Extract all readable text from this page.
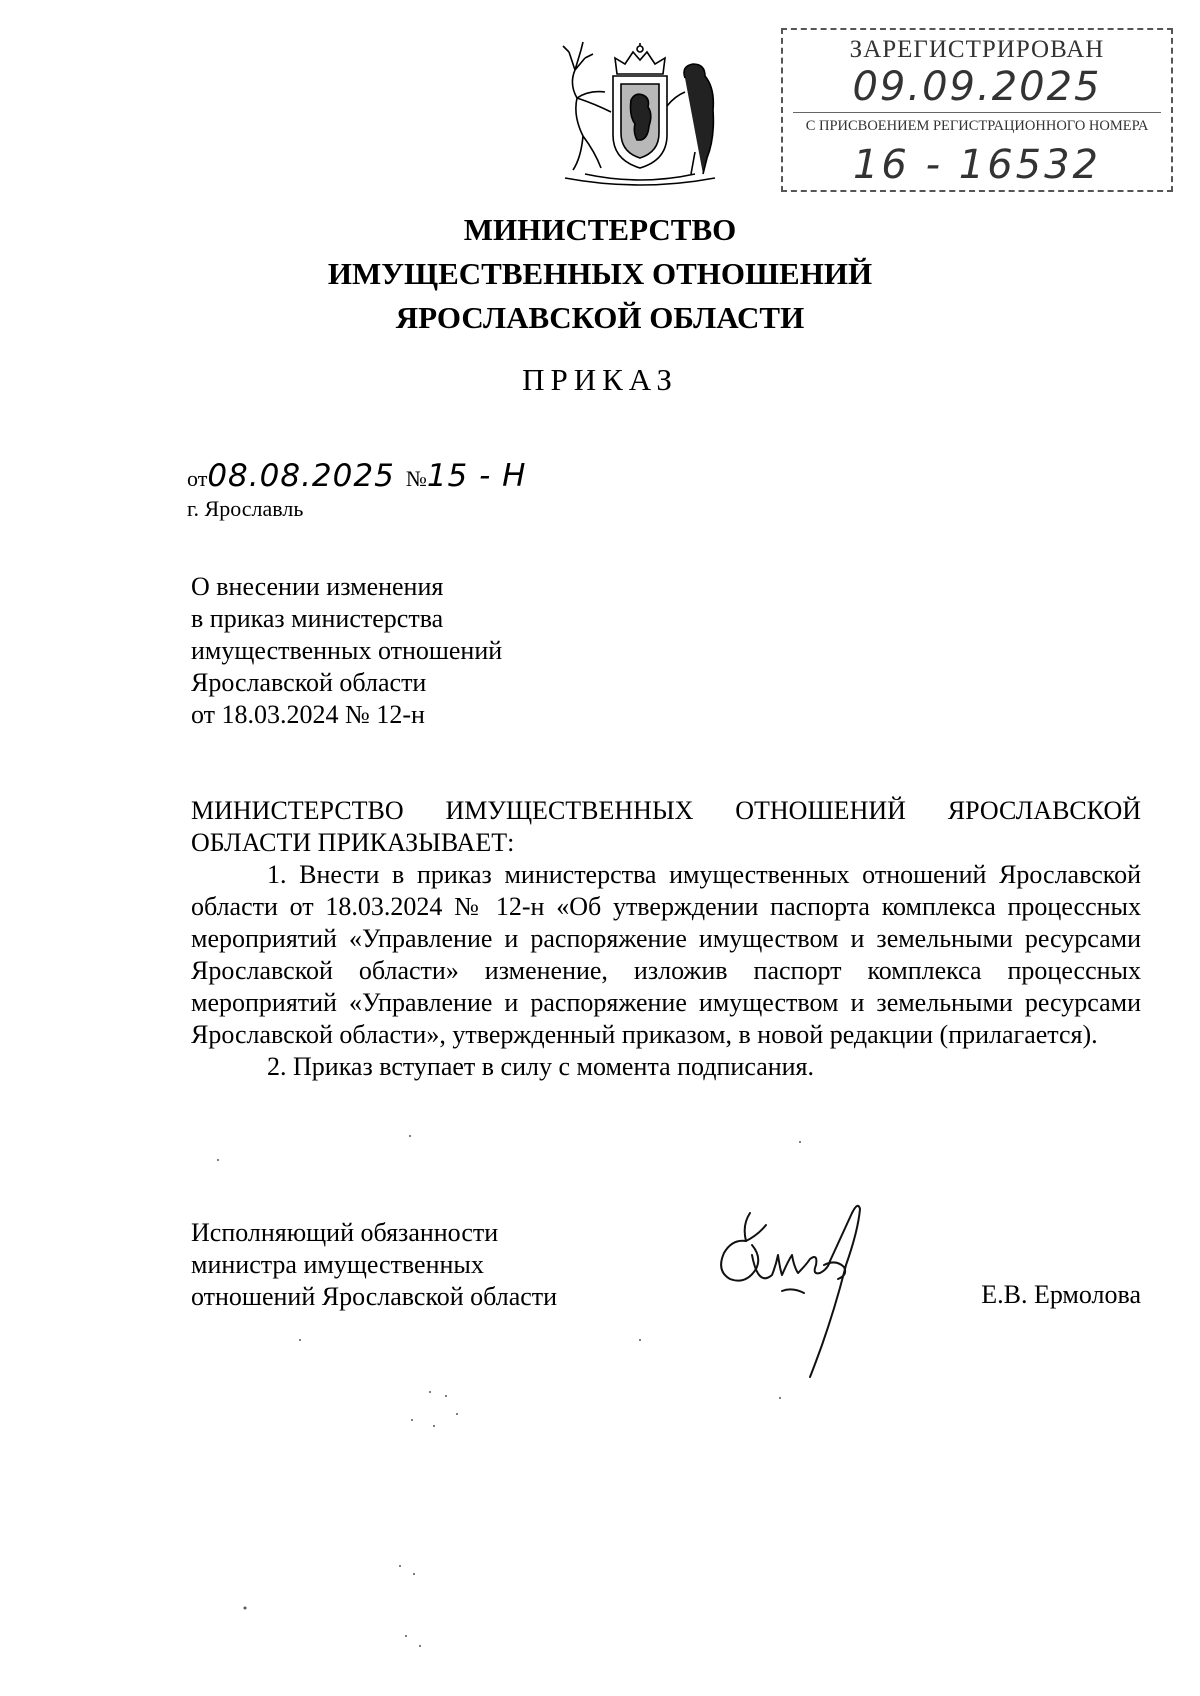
ЗАРЕГИСТРИРОВАН
09.09.2025
С ПРИСВОЕНИЕМ РЕГИСТРАЦИОННОГО НОМЕРА
16 - 16532
МИНИСТЕРСТВО
ИМУЩЕСТВЕННЫХ ОТНОШЕНИЙ
ЯРОСЛАВСКОЙ ОБЛАСТИ
ПРИКАЗ
от08.08.2025 №15 - Н
г. Ярославль
О внесении изменения
в приказ министерства
имущественных отношений
Ярославской области
от 18.03.2024 № 12-н
МИНИСТЕРСТВО ИМУЩЕСТВЕННЫХ ОТНОШЕНИЙ ЯРОСЛАВСКОЙ ОБЛАСТИ ПРИКАЗЫВАЕТ:
1. Внести в приказ министерства имущественных отношений Ярославской области от 18.03.2024 № 12-н «Об утверждении паспорта комплекса процессных мероприятий «Управление и распоряжение имуществом и земельными ресурсами Ярославской области» изменение, изложив паспорт комплекса процессных мероприятий «Управление и распоряжение имуществом и земельными ресурсами Ярославской области», утвержденный приказом, в новой редакции (прилагается).
2. Приказ вступает в силу с момента подписания.
Исполняющий обязанности
министра имущественных
отношений Ярославской области	Е.В. Ермолова
